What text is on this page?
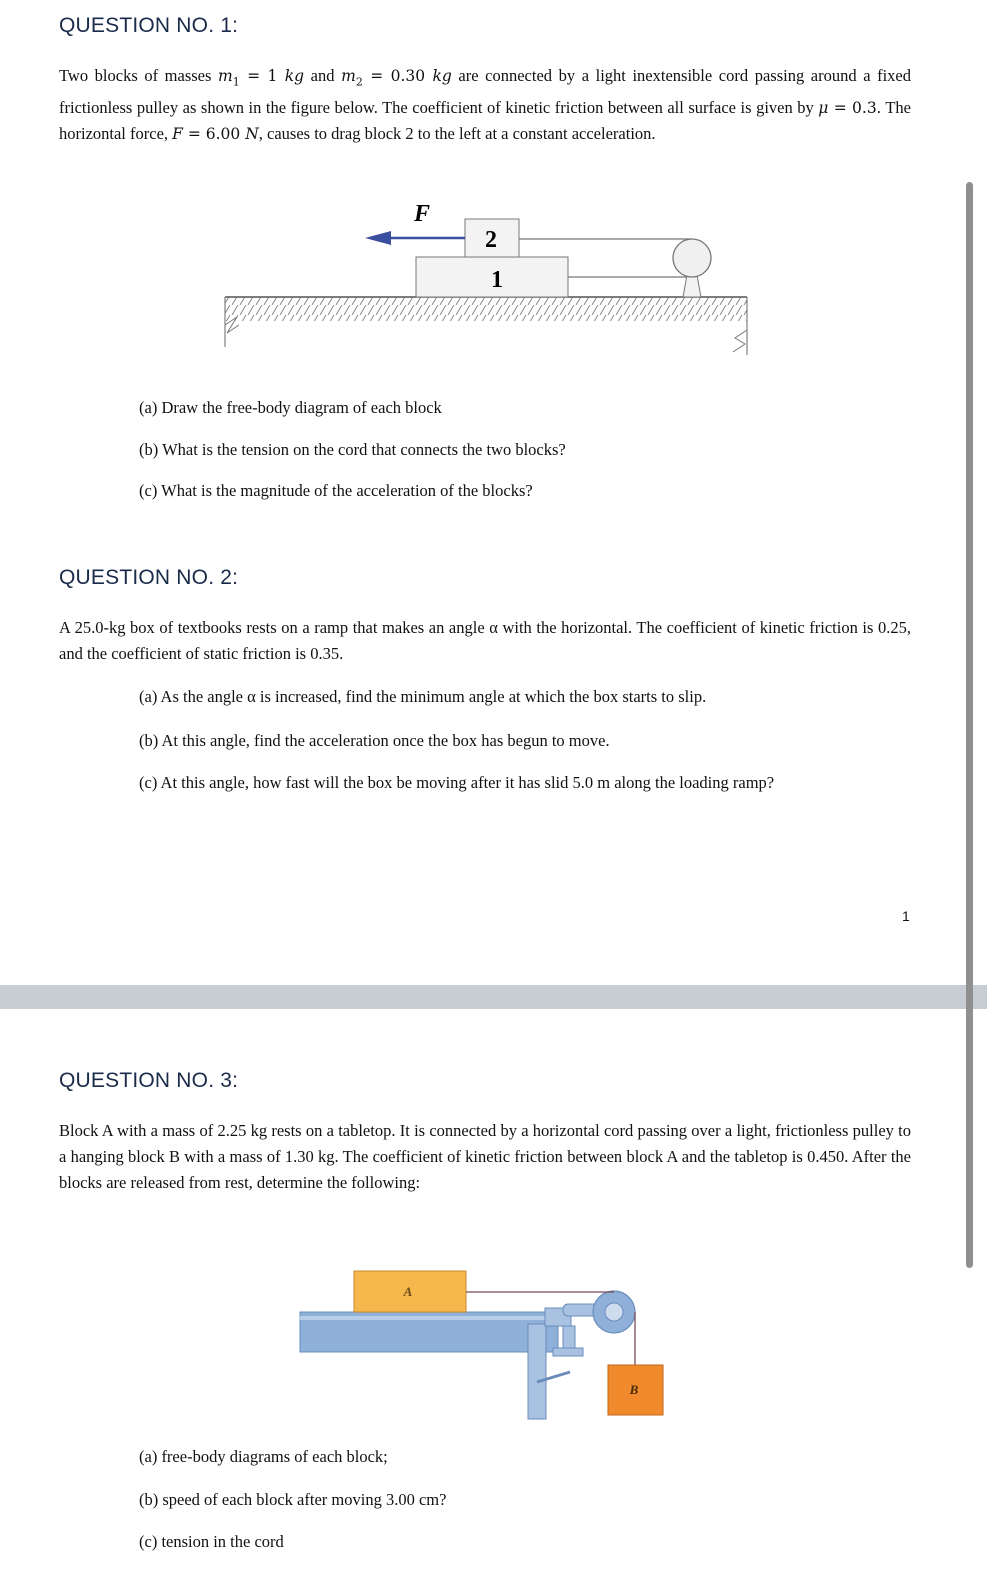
QUESTION NO. 1:

Two blocks of masses $m_1 = 1$ kg and $m_2 = 0.30$ kg are connected by a light inextensible cord passing around a fixed frictionless pulley as shown in the figure below. The coefficient of kinetic friction between all surface is given by μ = 0.3. The horizontal force, F = 6.00 N, causes to drag block 2 to the left at a constant acceleration.

1
2
F

(a) Draw the free-body diagram of each block

(b) What is the tension on the cord that connects the two blocks?

(c) What is the magnitude of the acceleration of the blocks?

QUESTION NO. 2:

A 25.0-kg box of textbooks rests on a ramp that makes an angle α with the horizontal. The coefficient of kinetic friction is 0.25, and the coefficient of static friction is 0.35.

(a) As the angle α is increased, find the minimum angle at which the box starts to slip.

(b) At this angle, find the acceleration once the box has begun to move.

(c) At this angle, how fast will the box be moving after it has slid 5.0 m along the loading ramp?

1
QUESTION NO. 3:

Block A with a mass of 2.25 kg rests on a tabletop. It is connected by a horizontal cord passing over a light, frictionless pulley to a hanging block B with a mass of 1.30 kg. The coefficient of kinetic friction between block A and the tabletop is 0.450. After the blocks are released from rest, determine the following:

A
B

(a) free-body diagrams of each block;

(b) speed of each block after moving 3.00 cm?

(c) tension in the cord
